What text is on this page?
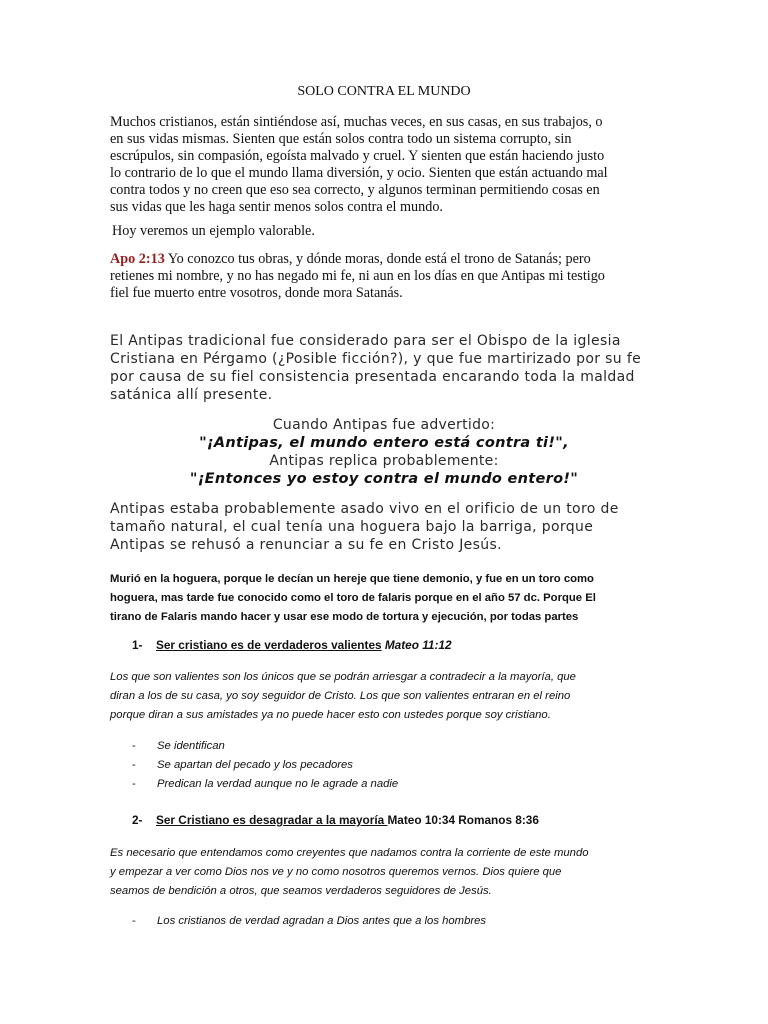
SOLO CONTRA EL MUNDO
Muchos cristianos, están sintiéndose así, muchas veces, en sus casas, en sus trabajos, o
en sus vidas mismas. Sienten que están solos contra todo un sistema corrupto, sin
escrúpulos, sin compasión, egoísta malvado y cruel. Y sienten que están haciendo justo
lo contrario de lo que el mundo llama diversión, y ocio. Sienten que están actuando mal
contra todos y no creen que eso sea correcto, y algunos terminan permitiendo cosas en
sus vidas que les haga sentir menos solos contra el mundo.
Hoy veremos un ejemplo valorable.
Apo 2:13 Yo conozco tus obras, y dónde moras, donde está el trono de Satanás; pero
retienes mi nombre, y no has negado mi fe, ni aun en los días en que Antipas mi testigo
fiel fue muerto entre vosotros, donde mora Satanás.
El Antipas tradicional fue considerado para ser el Obispo de la iglesia
Cristiana en Pérgamo (¿Posible ficción?), y que fue martirizado por su fe
por causa de su fiel consistencia presentada encarando toda la maldad
satánica allí presente.
Cuando Antipas fue advertido:
"¡Antipas, el mundo entero está contra ti!",
Antipas replica probablemente:
"¡Entonces yo estoy contra el mundo entero!"
Antipas estaba probablemente asado vivo en el orificio de un toro de
tamaño natural, el cual tenía una hoguera bajo la barriga, porque
Antipas se rehusó a renunciar a su fe en Cristo Jesús.
Murió en la hoguera, porque le decían un hereje que tiene demonio, y fue en un toro como
hoguera, mas tarde fue conocido como el toro de falaris porque en el año 57 dc. Porque El
tirano de Falaris mando hacer y usar ese modo de tortura y ejecución, por todas partes
1- Ser cristiano es de verdaderos valientes Mateo 11:12
Los que son valientes son los únicos que se podrán arriesgar a contradecir a la mayoría, que
diran a los de su casa, yo soy seguidor de Cristo. Los que son valientes entraran en el reino
porque diran a sus amistades ya no puede hacer esto con ustedes porque soy cristiano.
-	Se identifican
-	Se apartan del pecado y los pecadores
-	Predican la verdad aunque no le agrade a nadie
2- Ser Cristiano es desagradar a la mayoría Mateo 10:34 Romanos 8:36
Es necesario que entendamos como creyentes que nadamos contra la corriente de este mundo
y empezar a ver como Dios nos ve y no como nosotros queremos vernos. Dios quiere que
seamos de bendición a otros, que seamos verdaderos seguidores de Jesús.
-	Los cristianos de verdad agradan a Dios antes que a los hombres
